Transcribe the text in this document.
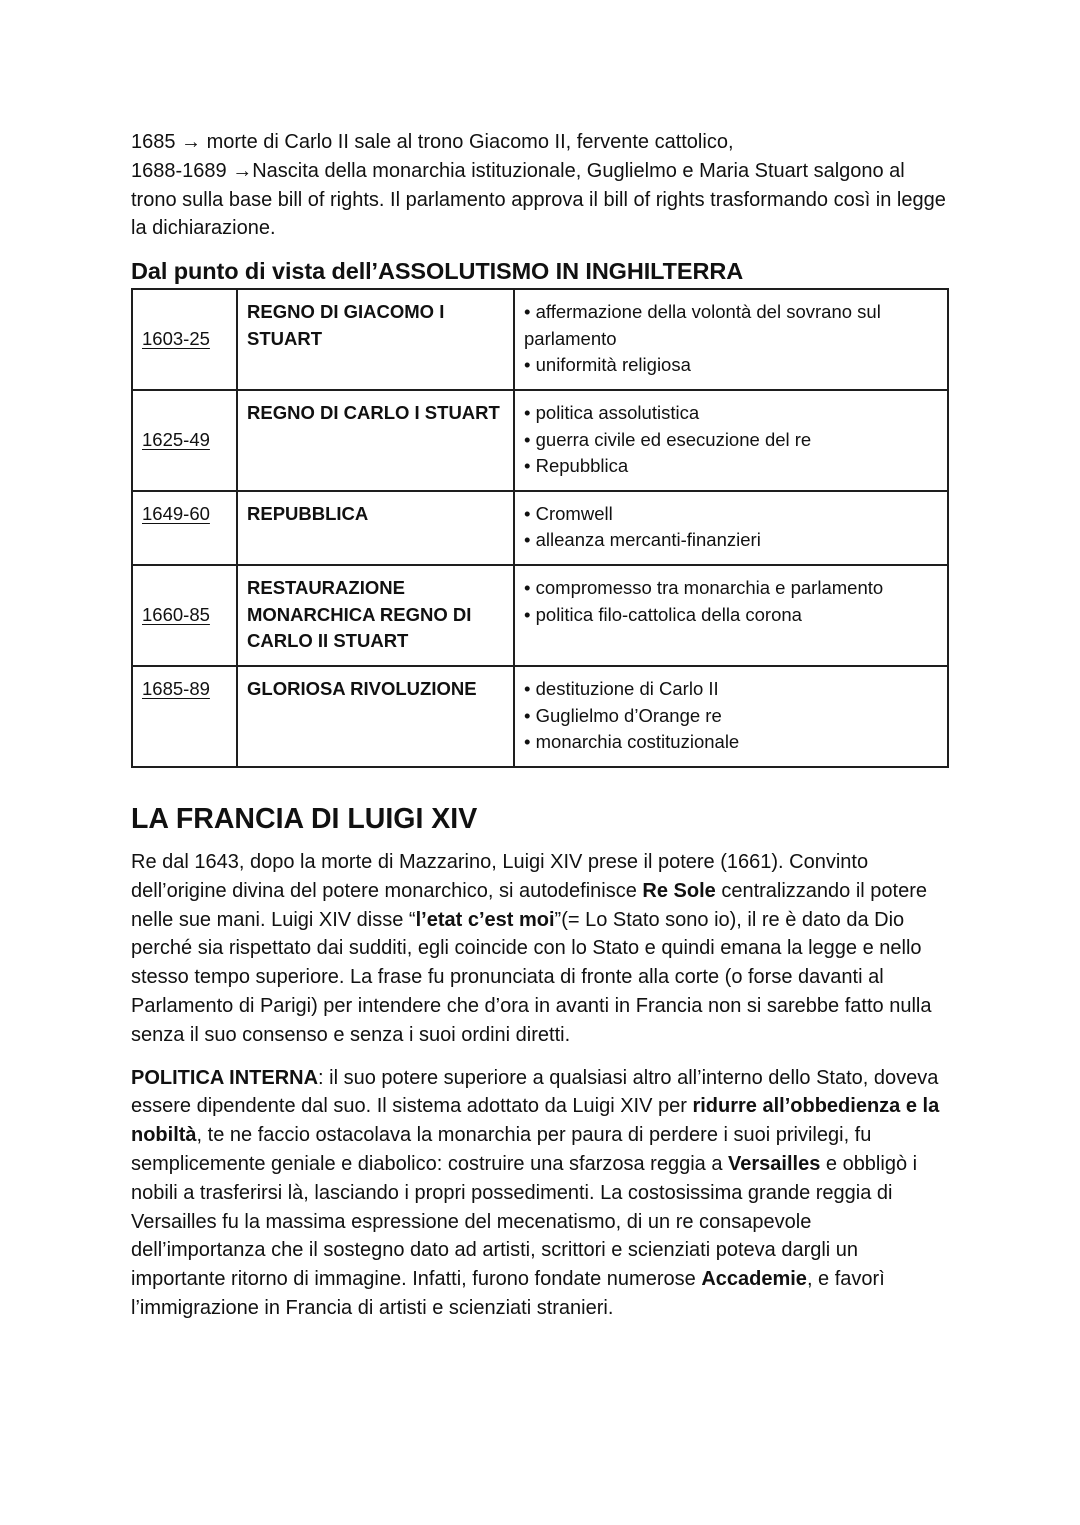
1685 → morte di Carlo II sale al trono Giacomo II, fervente cattolico,

1688-1689 →Nascita della monarchia istituzionale, Guglielmo e Maria Stuart salgono al trono sulla base bill of rights. Il parlamento approva il bill of rights trasformando così in legge la dichiarazione.

Dal punto di vista dell’ASSOLUTISMO IN INGHILTERRA
1603-25	REGNO DI GIACOMO I STUART	• affermazione della volontà del sovrano sul parlamento
• uniformità religiosa

1625-49	REGNO DI CARLO I STUART	• politica assolutistica
• guerra civile ed esecuzione del re
• Repubblica

1649-60	REPUBBLICA	• Cromwell
• alleanza mercanti-finanzieri

1660-85	RESTAURAZIONE MONARCHICA REGNO DI CARLO II STUART	• compromesso tra monarchia e parlamento
• politica filo-cattolica della corona

1685-89	GLORIOSA RIVOLUZIONE	• destituzione di Carlo II
• Guglielmo d’Orange re
• monarchia costituzionale
LA FRANCIA DI LUIGI XIV

Re dal 1643, dopo la morte di Mazzarino, Luigi XIV prese il potere (1661). Convinto dell’origine divina del potere monarchico, si autodefinisce Re Sole centralizzando il potere nelle sue mani. Luigi XIV disse “l’etat c’est moi”(= Lo Stato sono io), il re è dato da Dio perché sia rispettato dai sudditi, egli coincide con lo Stato e quindi emana la legge e nello stesso tempo superiore. La frase fu pronunciata di fronte alla corte (o forse davanti al Parlamento di Parigi) per intendere che d’ora in avanti in Francia non si sarebbe fatto nulla senza il suo consenso e senza i suoi ordini diretti.

POLITICA INTERNA: il suo potere superiore a qualsiasi altro all’interno dello Stato, doveva essere dipendente dal suo. Il sistema adottato da Luigi XIV per ridurre all’obbedienza e la nobiltà, te ne faccio ostacolava la monarchia per paura di perdere i suoi privilegi, fu semplicemente geniale e diabolico: costruire una sfarzosa reggia a Versailles e obbligò i nobili a trasferirsi là, lasciando i propri possedimenti. La costosissima grande reggia di Versailles fu la massima espressione del mecenatismo, di un re consapevole dell’importanza che il sostegno dato ad artisti, scrittori e scienziati poteva dargli un importante ritorno di immagine. Infatti, furono fondate numerose Accademie, e favorì l’immigrazione in Francia di artisti e scienziati stranieri.
